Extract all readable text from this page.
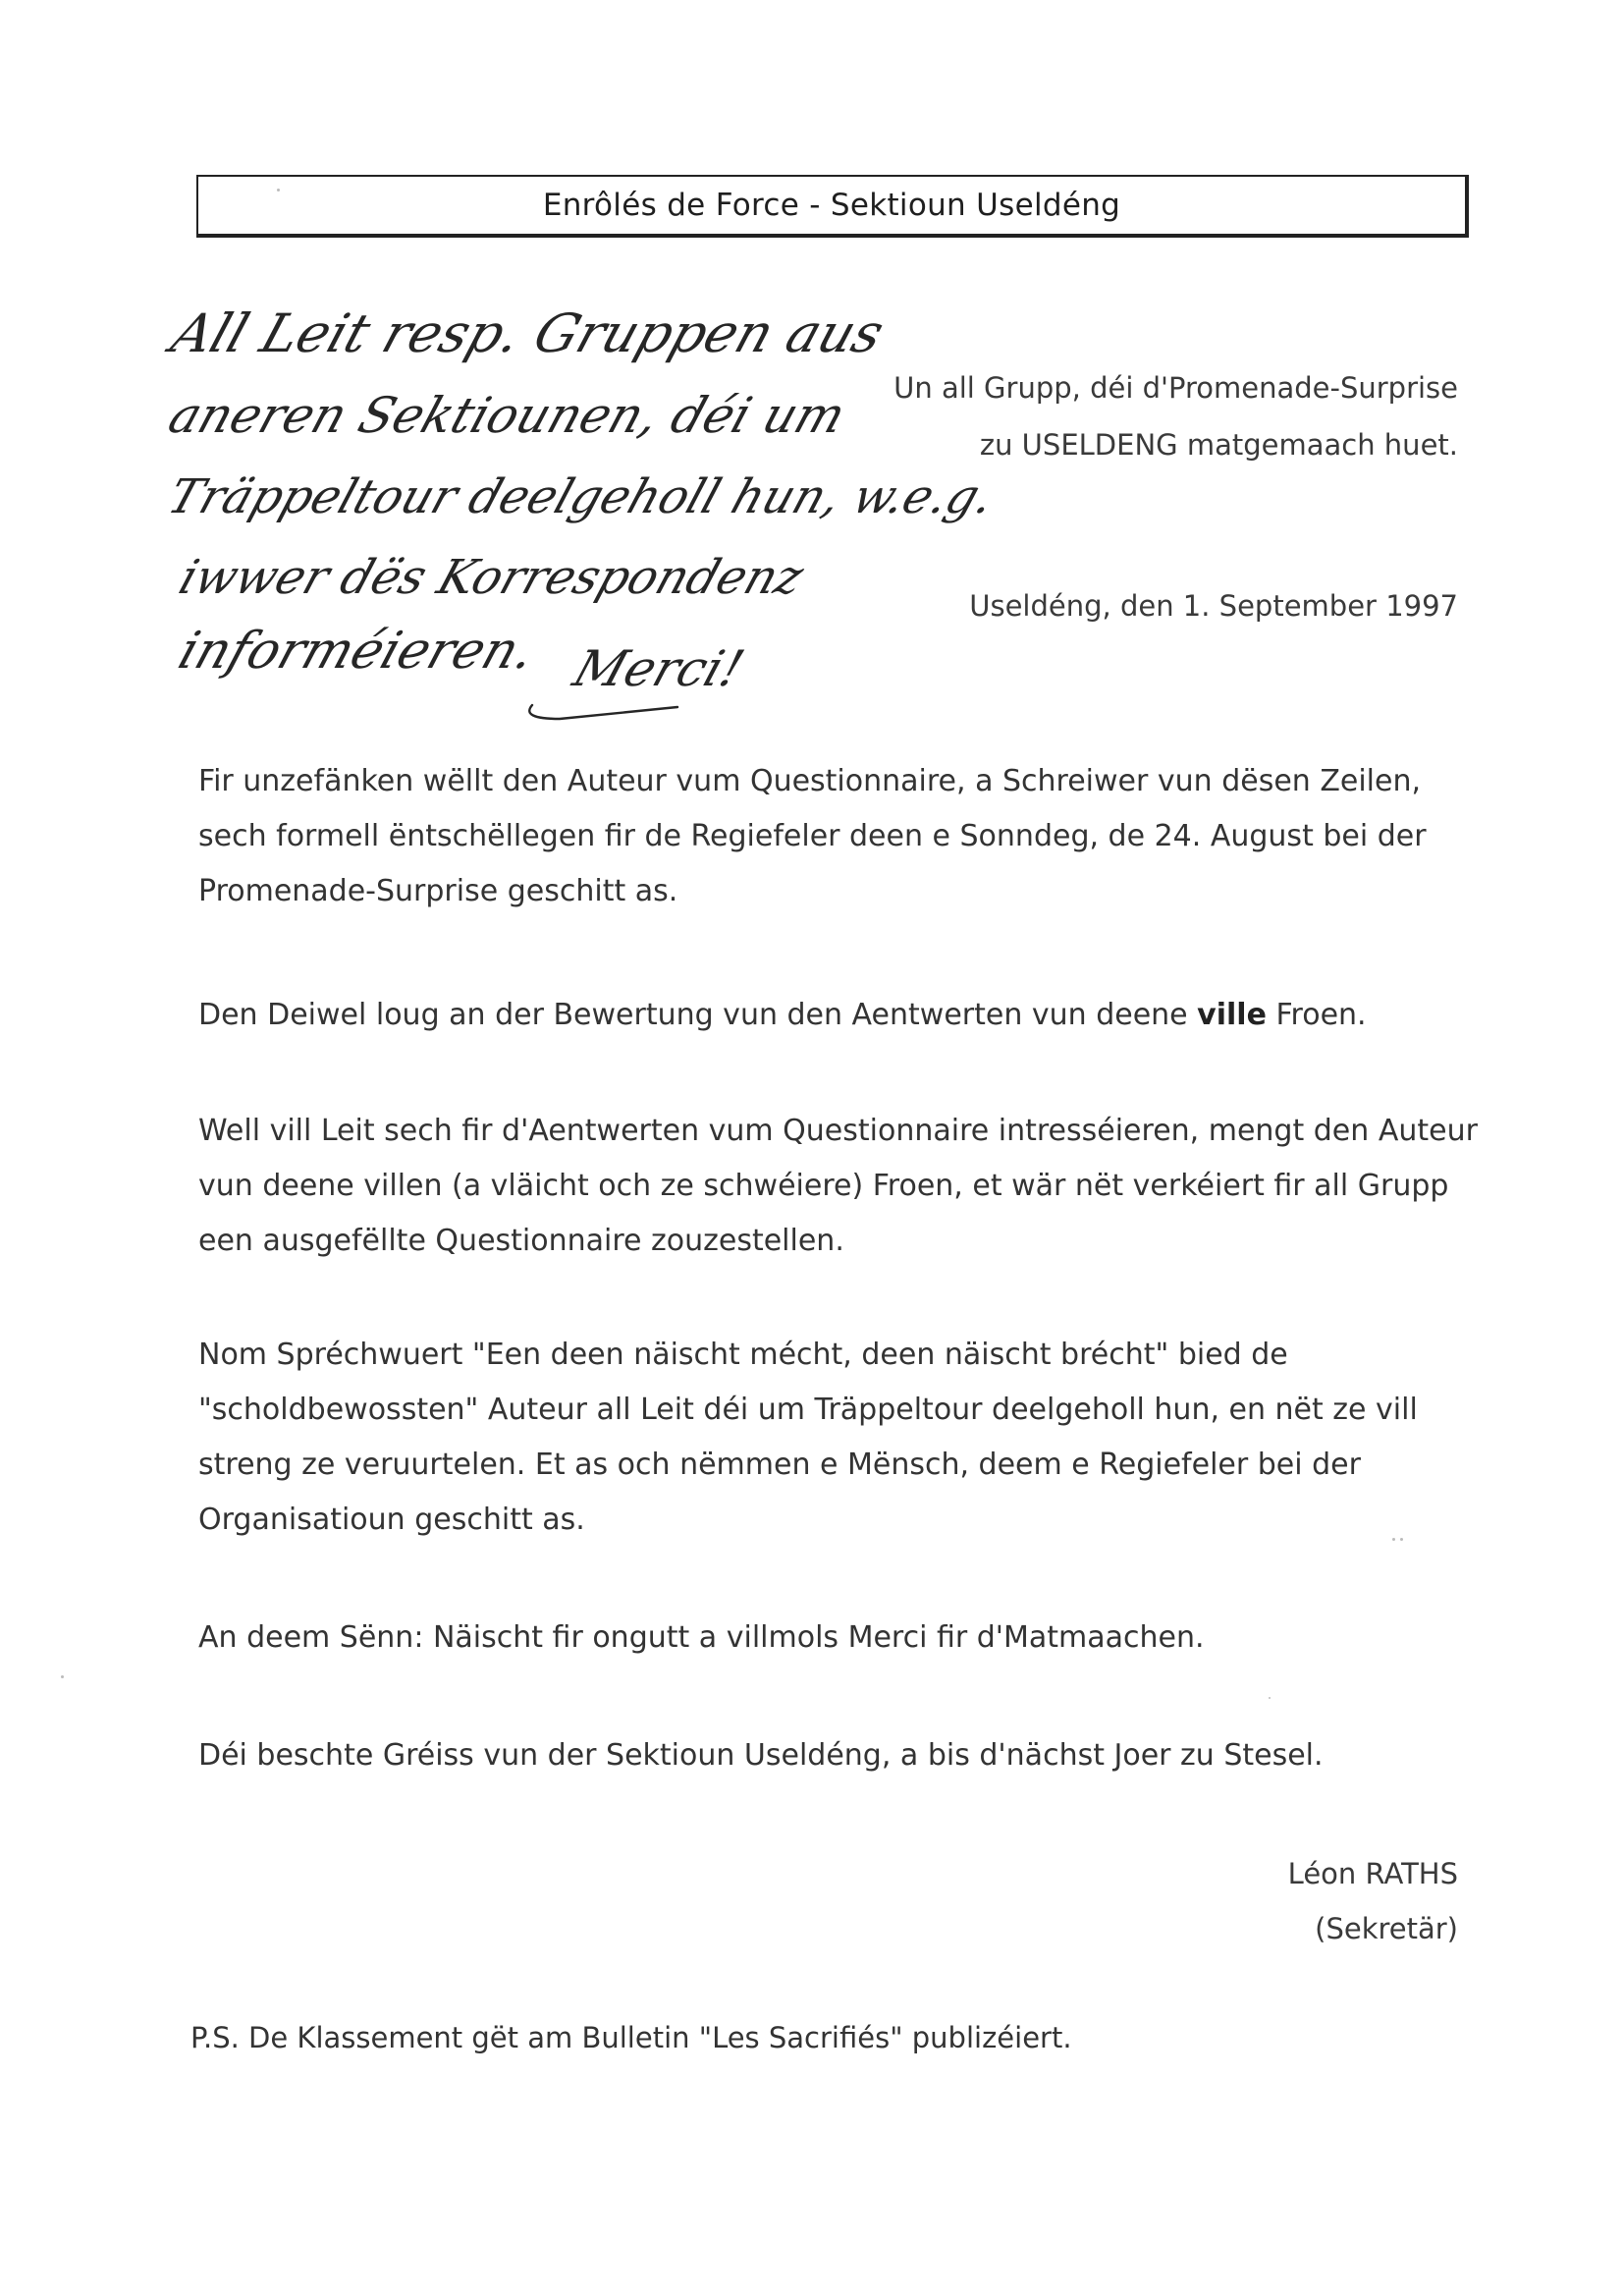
Enrôlés de Force - Sektioun Useldéng
All Leit resp. Gruppen aus
aneren Sektiounen, déi um
Träppeltour deelgeholl hun, w.e.g.
iwwer dës Korrespondenz
informéieren. Merci!
Un all Grupp, déi d'Promenade-Surprise
zu USELDENG matgemaach huet.
Useldéng, den 1. September 1997

Fir unzefänken wëllt den Auteur vum Questionnaire, a Schreiwer vun dësen Zeilen, sech formell ëntschëllegen fir de Regiefeler deen e Sonndeg, de 24. August bei der Promenade-Surprise geschitt as.

Den Deiwel loug an der Bewertung vun den Aentwerten vun deene ville Froen.

Well vill Leit sech fir d'Aentwerten vum Questionnaire intresséieren, mengt den Auteur vun deene villen (a vläicht och ze schwéiere) Froen, et wär nët verkéiert fir all Grupp een ausgefëllte Questionnaire zouzestellen.

Nom Spréchwuert "Een deen näischt mécht, deen näischt brécht" bied de "scholdbewossten" Auteur all Leit déi um Träppeltour deelgeholl hun, en nët ze vill streng ze veruurtelen. Et as och nëmmen e Mënsch, deem e Regiefeler bei der Organisatioun geschitt as.

An deem Sënn: Näischt fir ongutt a villmols Merci fir d'Matmaachen.

Déi beschte Gréiss vun der Sektioun Useldéng, a bis d'nächst Joer zu Stesel.

Léon RATHS
(Sekretär)
P.S. De Klassement gët am Bulletin "Les Sacrifiés" publizéiert.
